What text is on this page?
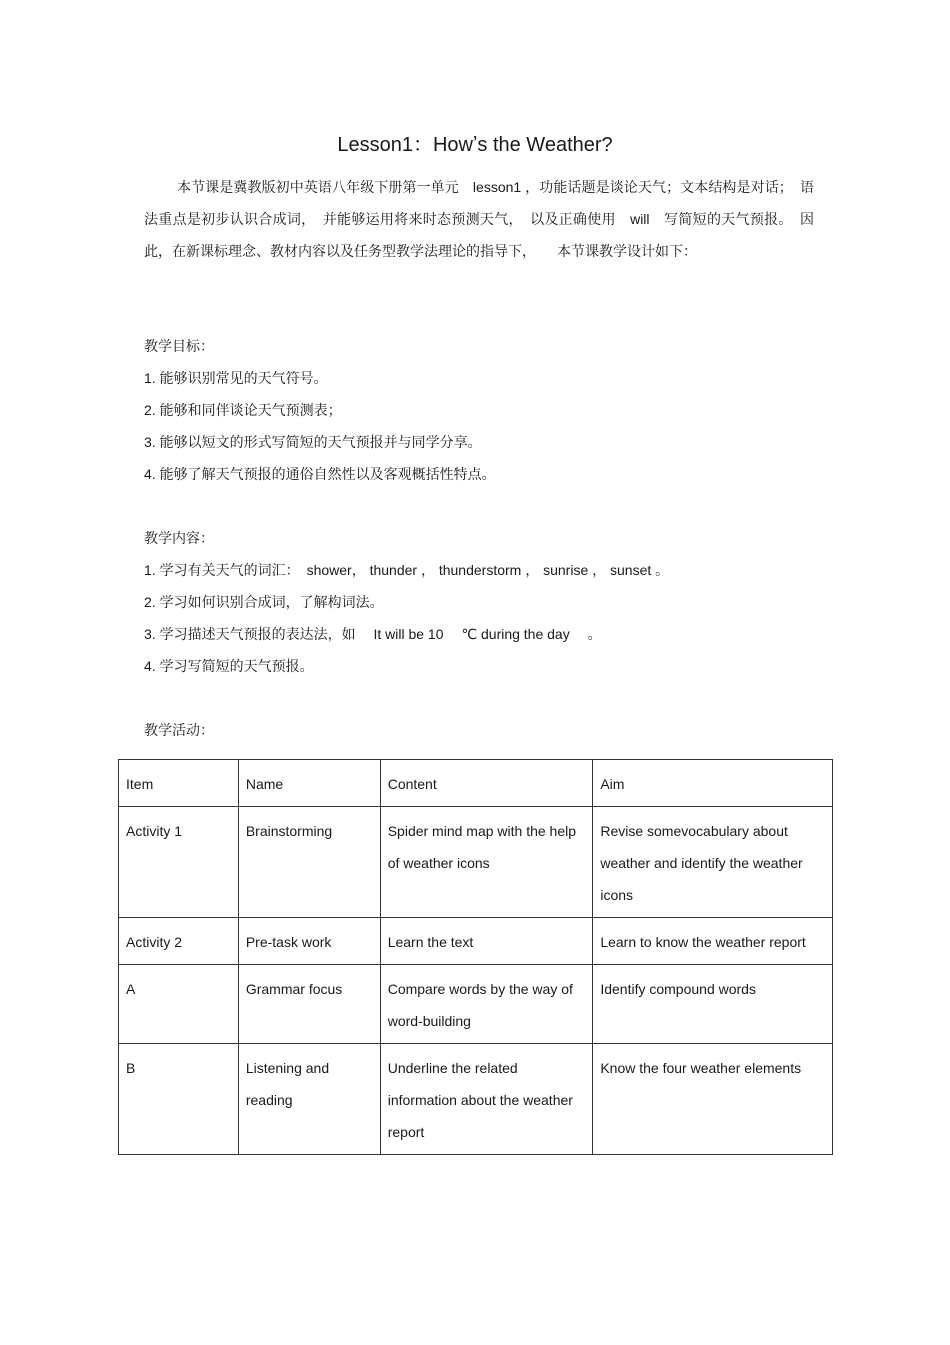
Lesson1：Howʼs the Weather?
本节课是冀教版初中英语八年级下册第一单元　lesson1 ，功能话题是谈论天气；文本结构是对话；　语法重点是初步认识合成词，　并能够运用将来时态预测天气，　以及正确使用　will　写简短的天气预报。　因此，在新课标理念、教材内容以及任务型教学法理论的指导下，　　本节课教学设计如下：
教学目标：
1. 能够识别常见的天气符号。
2. 能够和同伴谈论天气预测表；
3. 能够以短文的形式写简短的天气预报并与同学分享。
4. 能够了解天气预报的通俗自然性以及客观概括性特点。
教学内容：
1. 学习有关天气的词汇：　shower， thunder ， thunderstorm ， sunrise ， sunset 。
2. 学习如何识别合成词，了解构词法。
3. 学习描述天气预报的表达法，如　 It will be 10 　℃ during the day　 。
4. 学习写简短的天气预报。
教学活动：
Item	Name	Content	Aim
Activity 1	Brainstorming	Spider mind map with the help of weather icons	Revise somevocabulary about weather and identify the weather icons
Activity 2	Pre-task work	Learn the text	Learn to know the weather report
A	Grammar focus	Compare words by the way of word-building	Identify compound words
B	Listening and reading	Underline the related information about the weather report	Know the four weather elements
